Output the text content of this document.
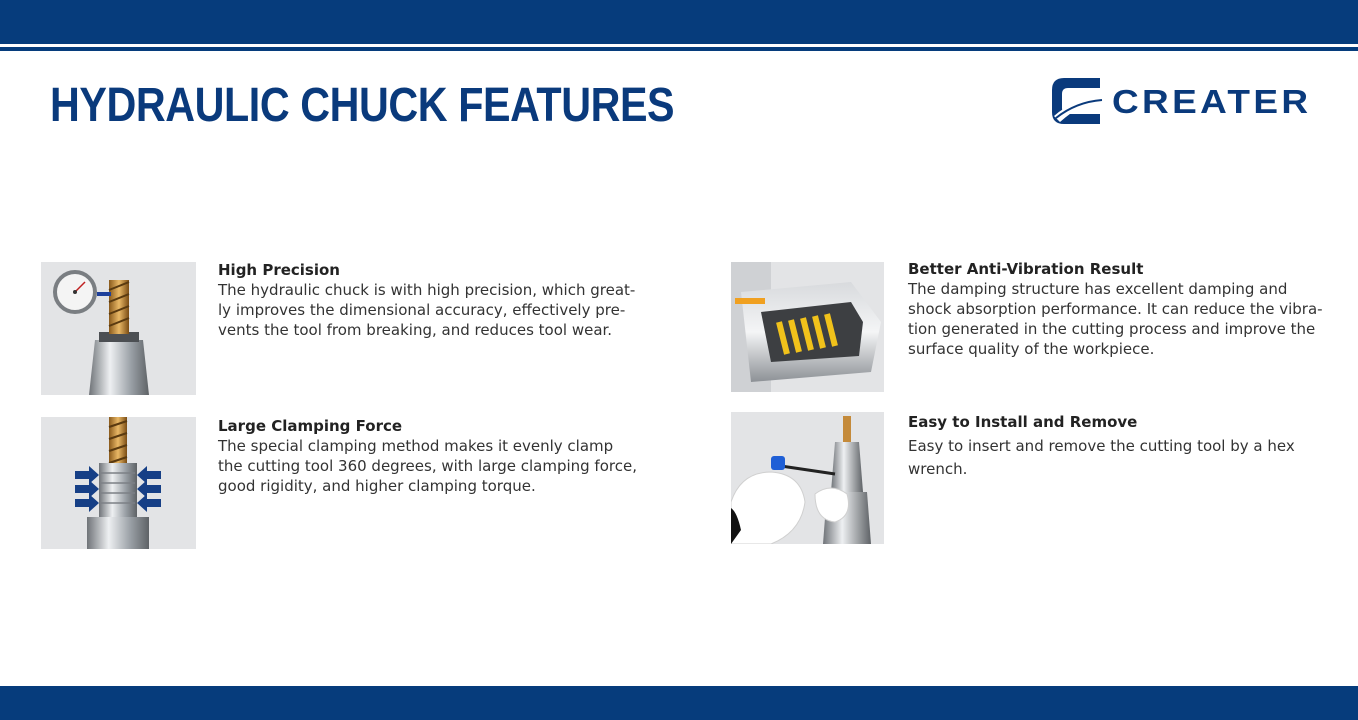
HYDRAULIC CHUCK FEATURES	CREATER
High Precision

The hydraulic chuck is with high precision, which great-

ly improves the dimensional accuracy, effectively pre-

vents the tool from breaking, and reduces tool wear.

Large Clamping Force

The special clamping method makes it evenly clamp

the cutting tool 360 degrees, with large clamping force,

good rigidity, and higher clamping torque.

Better Anti-Vibration Result

The damping structure has excellent damping and

shock absorption performance. It can reduce the vibra-

tion generated in the cutting process and improve the

surface quality of the workpiece.

Easy to Install and Remove

Easy to insert and remove the cutting tool by a hex

wrench.
